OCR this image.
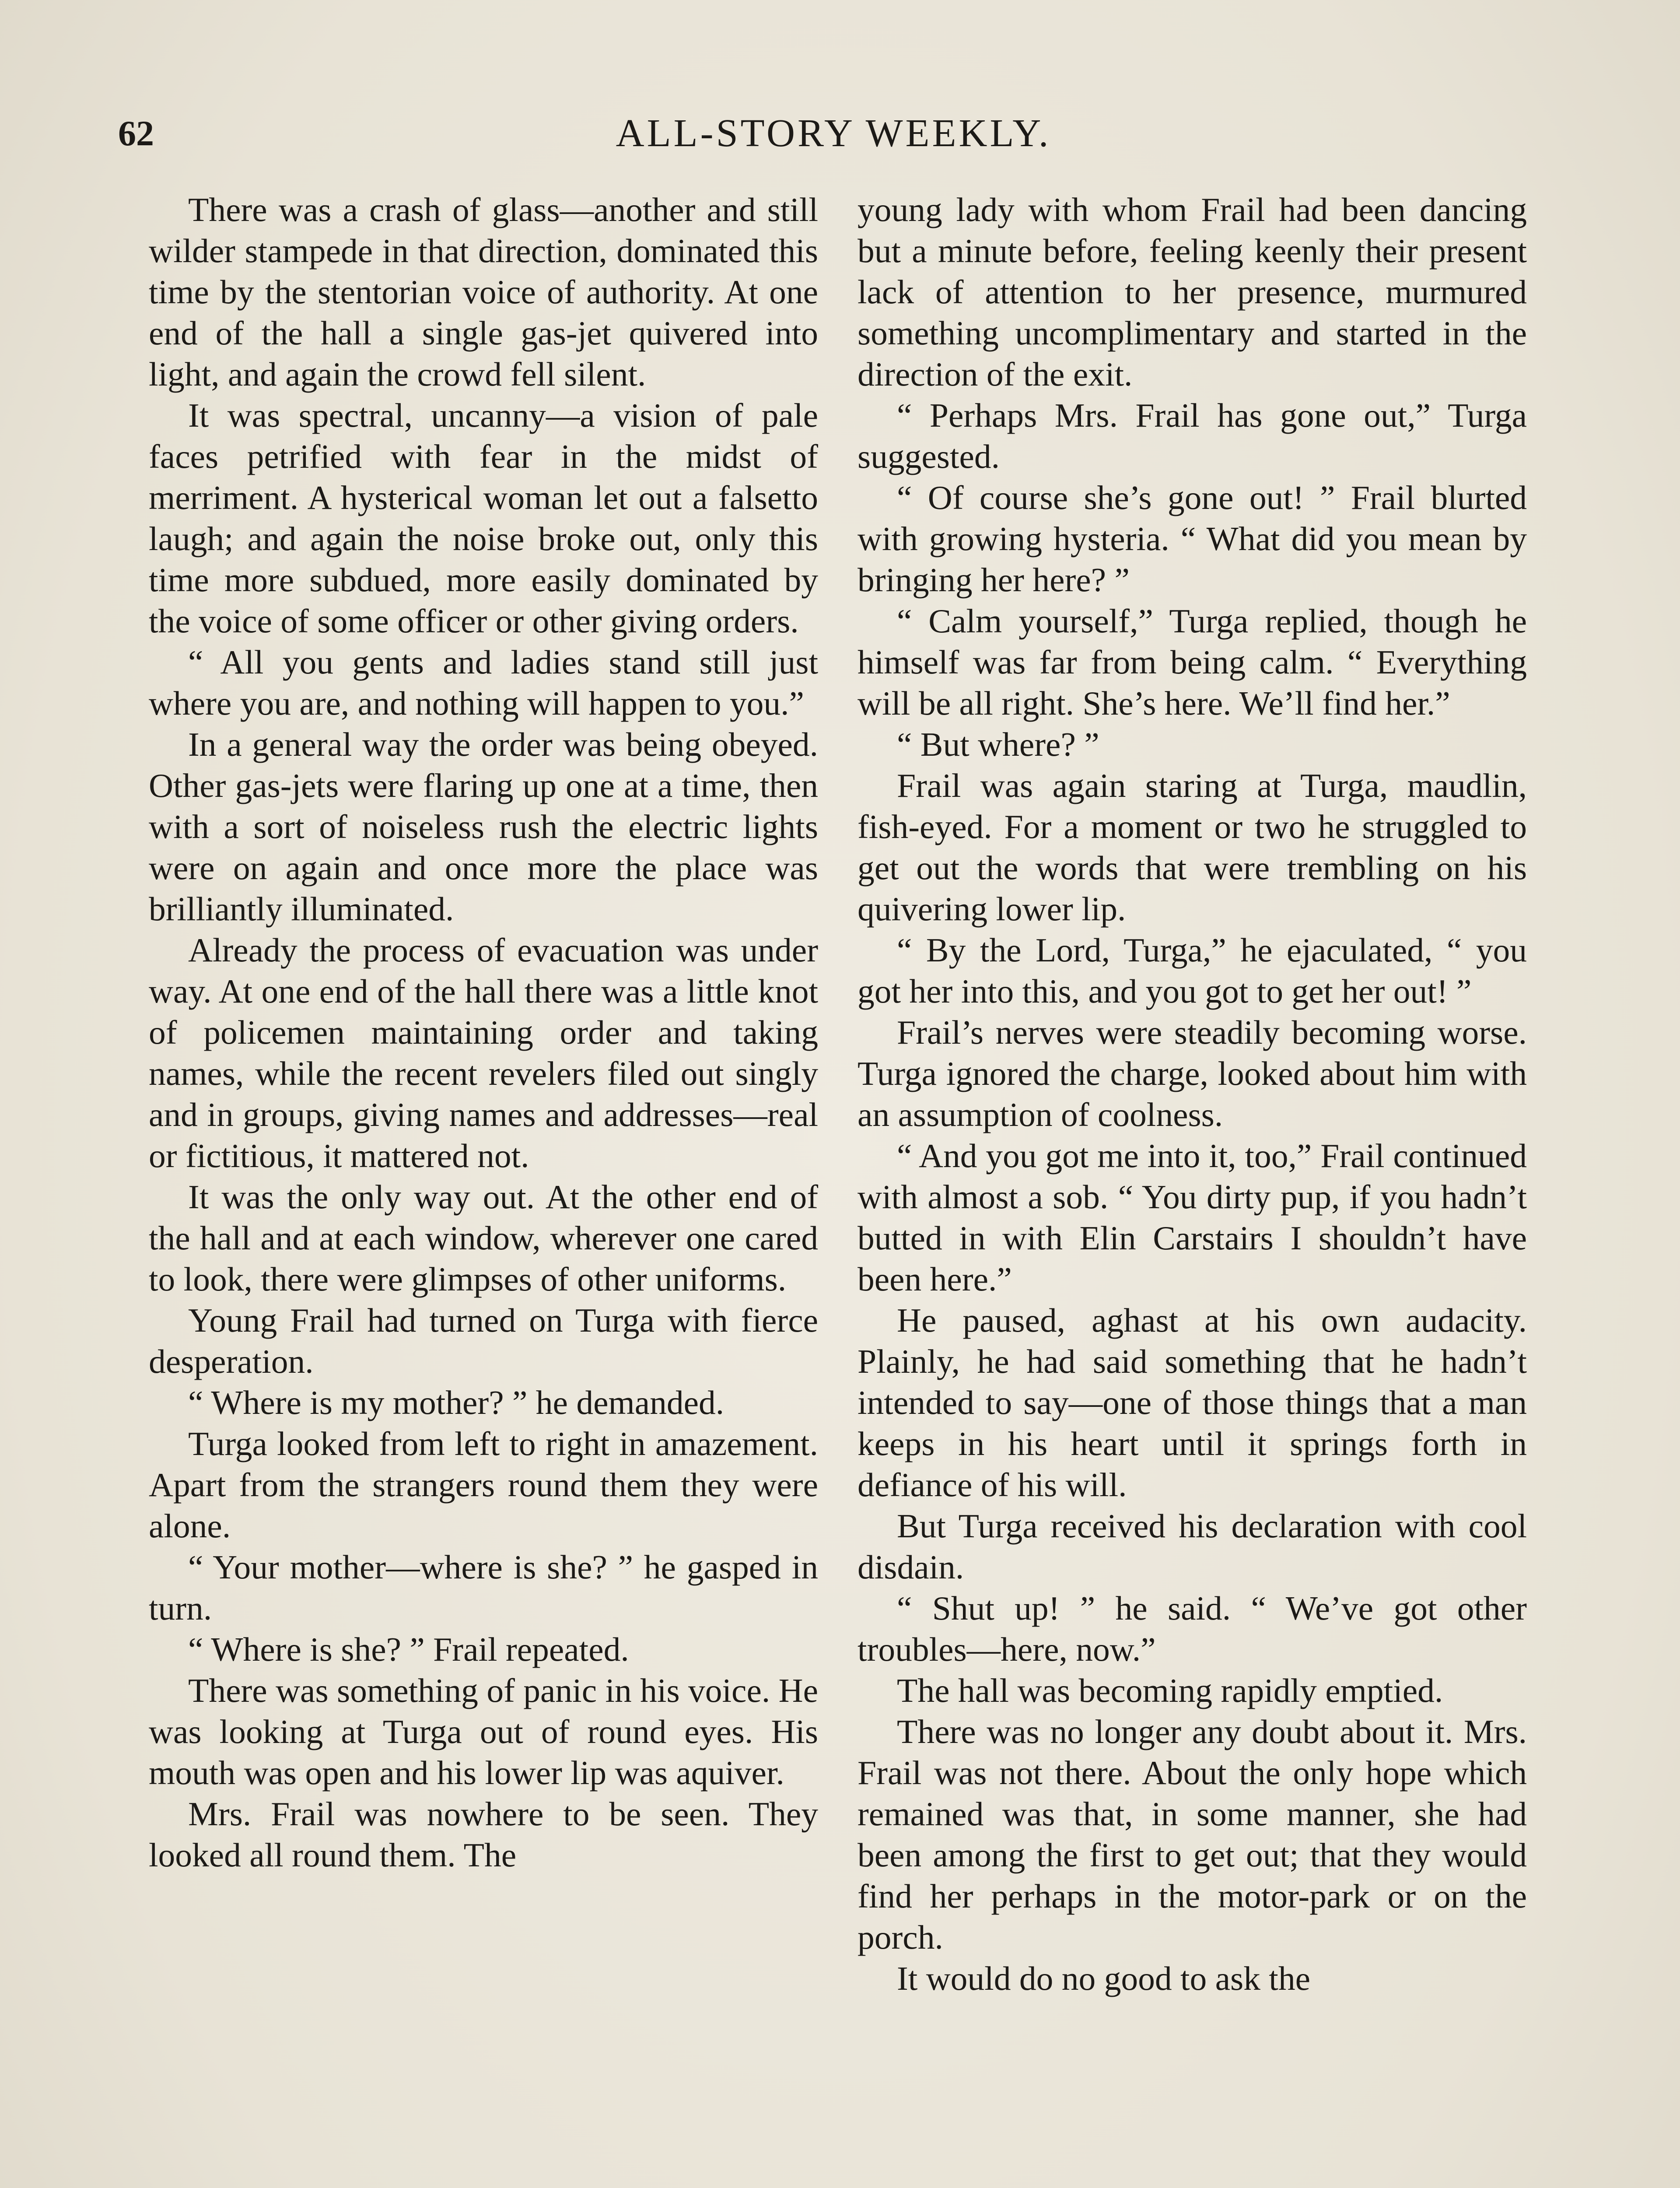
62	ALL-STORY WEEKLY.

There was a crash of glass—another and still wilder stampede in that direction, dominated this time by the stentorian voice of authority. At one end of the hall a single gas-jet quivered into light, and again the crowd fell silent.

It was spectral, uncanny—a vision of pale faces petrified with fear in the midst of merriment. A hysterical woman let out a falsetto laugh; and again the noise broke out, only this time more subdued, more easily dominated by the voice of some officer or other giving orders.

“ All you gents and ladies stand still just where you are, and nothing will happen to you.”

In a general way the order was being obeyed. Other gas-jets were flaring up one at a time, then with a sort of noiseless rush the electric lights were on again and once more the place was brilliantly illuminated.

Already the process of evacuation was under way. At one end of the hall there was a little knot of policemen maintaining order and taking names, while the recent revelers filed out singly and in groups, giving names and addresses—real or fictitious, it mattered not.

It was the only way out. At the other end of the hall and at each window, wherever one cared to look, there were glimpses of other uniforms.

Young Frail had turned on Turga with fierce desperation.

“ Where is my mother? ” he demanded.

Turga looked from left to right in amazement. Apart from the strangers round them they were alone.

“ Your mother—where is she? ” he gasped in turn.

“ Where is she? ” Frail repeated.

There was something of panic in his voice. He was looking at Turga out of round eyes. His mouth was open and his lower lip was aquiver.

Mrs. Frail was nowhere to be seen. They looked all round them. The

young lady with whom Frail had been dancing but a minute before, feeling keenly their present lack of attention to her presence, murmured something uncomplimentary and started in the direction of the exit.

“ Perhaps Mrs. Frail has gone out,” Turga suggested.

“ Of course she’s gone out! ” Frail blurted with growing hysteria. “ What did you mean by bringing her here? ”

“ Calm yourself,” Turga replied, though he himself was far from being calm. “ Everything will be all right. She’s here. We’ll find her.”

“ But where? ”

Frail was again staring at Turga, maudlin, fish-eyed. For a moment or two he struggled to get out the words that were trembling on his quivering lower lip.

“ By the Lord, Turga,” he ejaculated, “ you got her into this, and you got to get her out! ”

Frail’s nerves were steadily becoming worse. Turga ignored the charge, looked about him with an assumption of coolness.

“ And you got me into it, too,” Frail continued with almost a sob. “ You dirty pup, if you hadn’t butted in with Elin Carstairs I shouldn’t have been here.”

He paused, aghast at his own audacity. Plainly, he had said something that he hadn’t intended to say—one of those things that a man keeps in his heart until it springs forth in defiance of his will.

But Turga received his declaration with cool disdain.

“ Shut up! ” he said. “ We’ve got other troubles—here, now.”

The hall was becoming rapidly emptied.

There was no longer any doubt about it. Mrs. Frail was not there. About the only hope which remained was that, in some manner, she had been among the first to get out; that they would find her perhaps in the motor-park or on the porch.

It would do no good to ask the
